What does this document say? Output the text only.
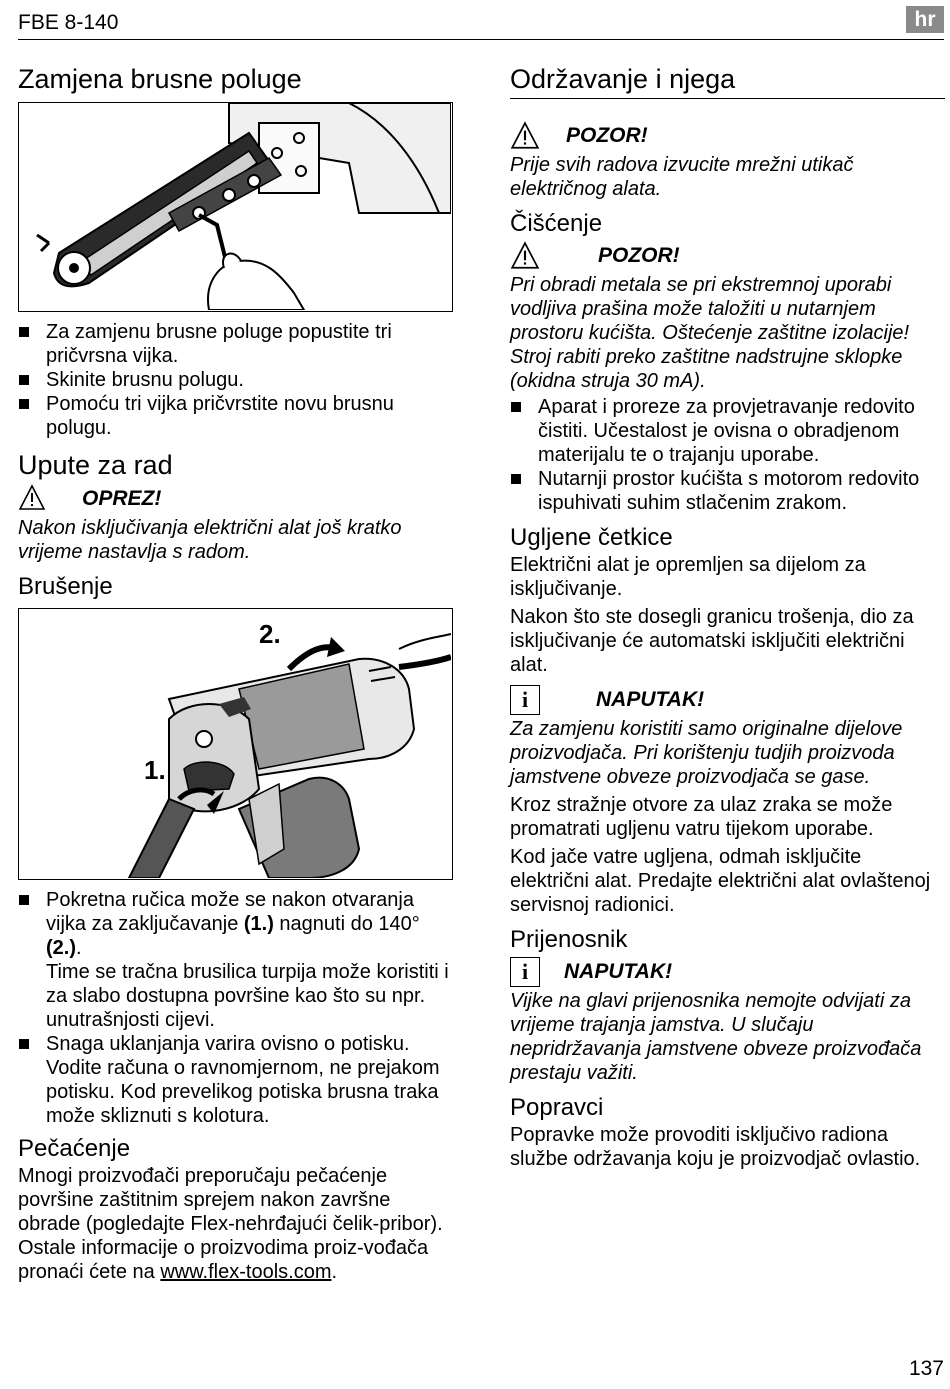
FBE 8-140	hr
Zamjena brusne poluge
Za zamjenu brusne poluge popustite tri pričvrsna vijka.
Skinite brusnu polugu.
Pomoću tri vijka pričvrstite novu brusnu polugu.
Upute za rad
OPREZ!

Nakon isključivanja električni alat još kratko vrijeme nastavlja s radom.

Brušenje
2.
1.
Pokretna ručica može se nakon otvaranja vijka za zaključavanje (1.) nagnuti do 140° (2.).
Time se tračna brusilica turpija može koristiti i za slabo dostupna površine kao što su npr. unutrašnjosti cijevi.
Snaga uklanjanja varira ovisno o potisku. Vodite računa o ravnomjernom, ne prejakom potisku. Kod prevelikog potiska brusna traka može skliznuti s kolotura.
Pečaćenje

Mnogi proizvođači preporučaju pečaćenje površine zaštitnim sprejem nakon završne obrade (pogledajte Flex-nehrđajući čelik-pribor).

Ostale informacije o proizvodima proiz-vođača pronaći ćete na www.flex-tools.com.

Održavanje i njega
POZOR!

Prije svih radova izvucite mrežni utikač električnog alata.

Čišćenje
POZOR!

Pri obradi metala se pri ekstremnoj uporabi vodljiva prašina može taložiti u nutarnjem prostoru kućišta. Oštećenje zaštitne izolacije! Stroj rabiti preko zaštitne nadstrujne sklopke (okidna struja 30 mA).

Aparat i proreze za provjetravanje redovito čistiti. Učestalost je ovisna o obradjenom materijalu te o trajanju uporabe.
Nutarnji prostor kućišta s motorom redovito ispuhivati suhim stlačenim zrakom.
Ugljene četkice

Električni alat je opremljen sa dijelom za isključivanje.

Nakon što ste dosegli granicu trošenja, dio za isključivanje će automatski isključiti električni alat.

i	NAPUTAK!

Za zamjenu koristiti samo originalne dijelove proizvodjača. Pri korištenju tudjih proizvoda jamstvene obveze proizvodjača se gase.

Kroz stražnje otvore za ulaz zraka se može promatrati ugljenu vatru tijekom uporabe.

Kod jače vatre ugljena, odmah isključite električni alat. Predajte električni alat ovlaštenoj servisnoj radionici.

Prijenosnik
i	NAPUTAK!

Vijke na glavi prijenosnika nemojte odvijati za vrijeme trajanja jamstva. U slučaju nepridržavanja jamstvene obveze proizvođača prestaju važiti.

Popravci

Popravke može provoditi isključivo radiona službe održavanja koju je proizvodjač ovlastio.

137
